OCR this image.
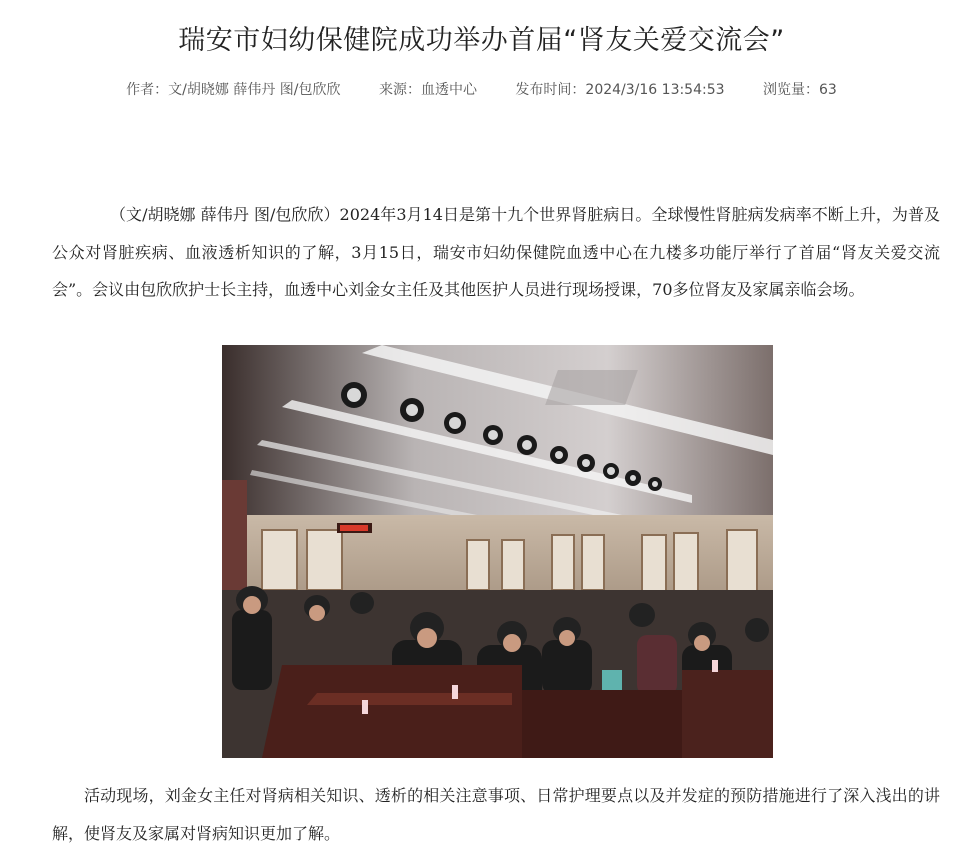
瑞安市妇幼保健院成功举办首届“肾友关爱交流会”
作者：文/胡晓娜 薛伟丹 图/包欣欣	来源：血透中心	发布时间：2024/3/16 13:54:53	浏览量：63
（文/胡晓娜 薛伟丹 图/包欣欣）2024年3月14日是第十九个世界肾脏病日。全球慢性肾脏病发病率不断上升，为普及公众对肾脏疾病、血液透析知识的了解，3月15日，瑞安市妇幼保健院血透中心在九楼多功能厅举行了首届“肾友关爱交流会”。会议由包欣欣护士长主持，血透中心刘金女主任及其他医护人员进行现场授课，70多位肾友及家属亲临会场。
活动现场，刘金女主任对肾病相关知识、透析的相关注意事项、日常护理要点以及并发症的预防措施进行了深入浅出的讲解，使肾友及家属对肾病知识更加了解。
